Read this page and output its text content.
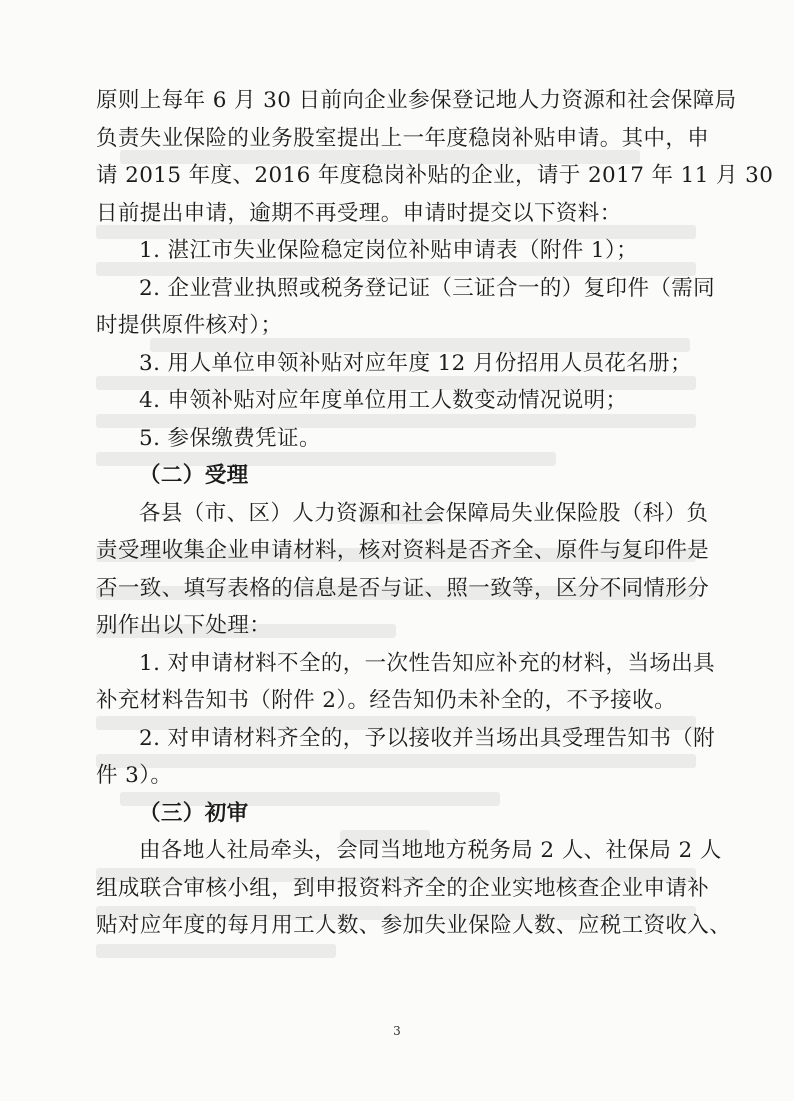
原则上每年 6 月 30 日前向企业参保登记地人力资源和社会保障局
负责失业保险的业务股室提出上一年度稳岗补贴申请。其中，申
请 2015 年度、2016 年度稳岗补贴的企业，请于 2017 年 11 月 30
日前提出申请，逾期不再受理。申请时提交以下资料：
1. 湛江市失业保险稳定岗位补贴申请表（附件 1）；
2. 企业营业执照或税务登记证（三证合一的）复印件（需同
时提供原件核对）；
3. 用人单位申领补贴对应年度 12 月份招用人员花名册；
4. 申领补贴对应年度单位用工人数变动情况说明；
5. 参保缴费凭证。
（二）受理
各县（市、区）人力资源和社会保障局失业保险股（科）负
责受理收集企业申请材料，核对资料是否齐全、原件与复印件是
否一致、填写表格的信息是否与证、照一致等，区分不同情形分
别作出以下处理：
1. 对申请材料不全的，一次性告知应补充的材料，当场出具
补充材料告知书（附件 2）。经告知仍未补全的，不予接收。
2. 对申请材料齐全的，予以接收并当场出具受理告知书（附
件 3）。
（三）初审
由各地人社局牵头，会同当地地方税务局 2 人、社保局 2 人
组成联合审核小组，到申报资料齐全的企业实地核查企业申请补
贴对应年度的每月用工人数、参加失业保险人数、应税工资收入、
3
